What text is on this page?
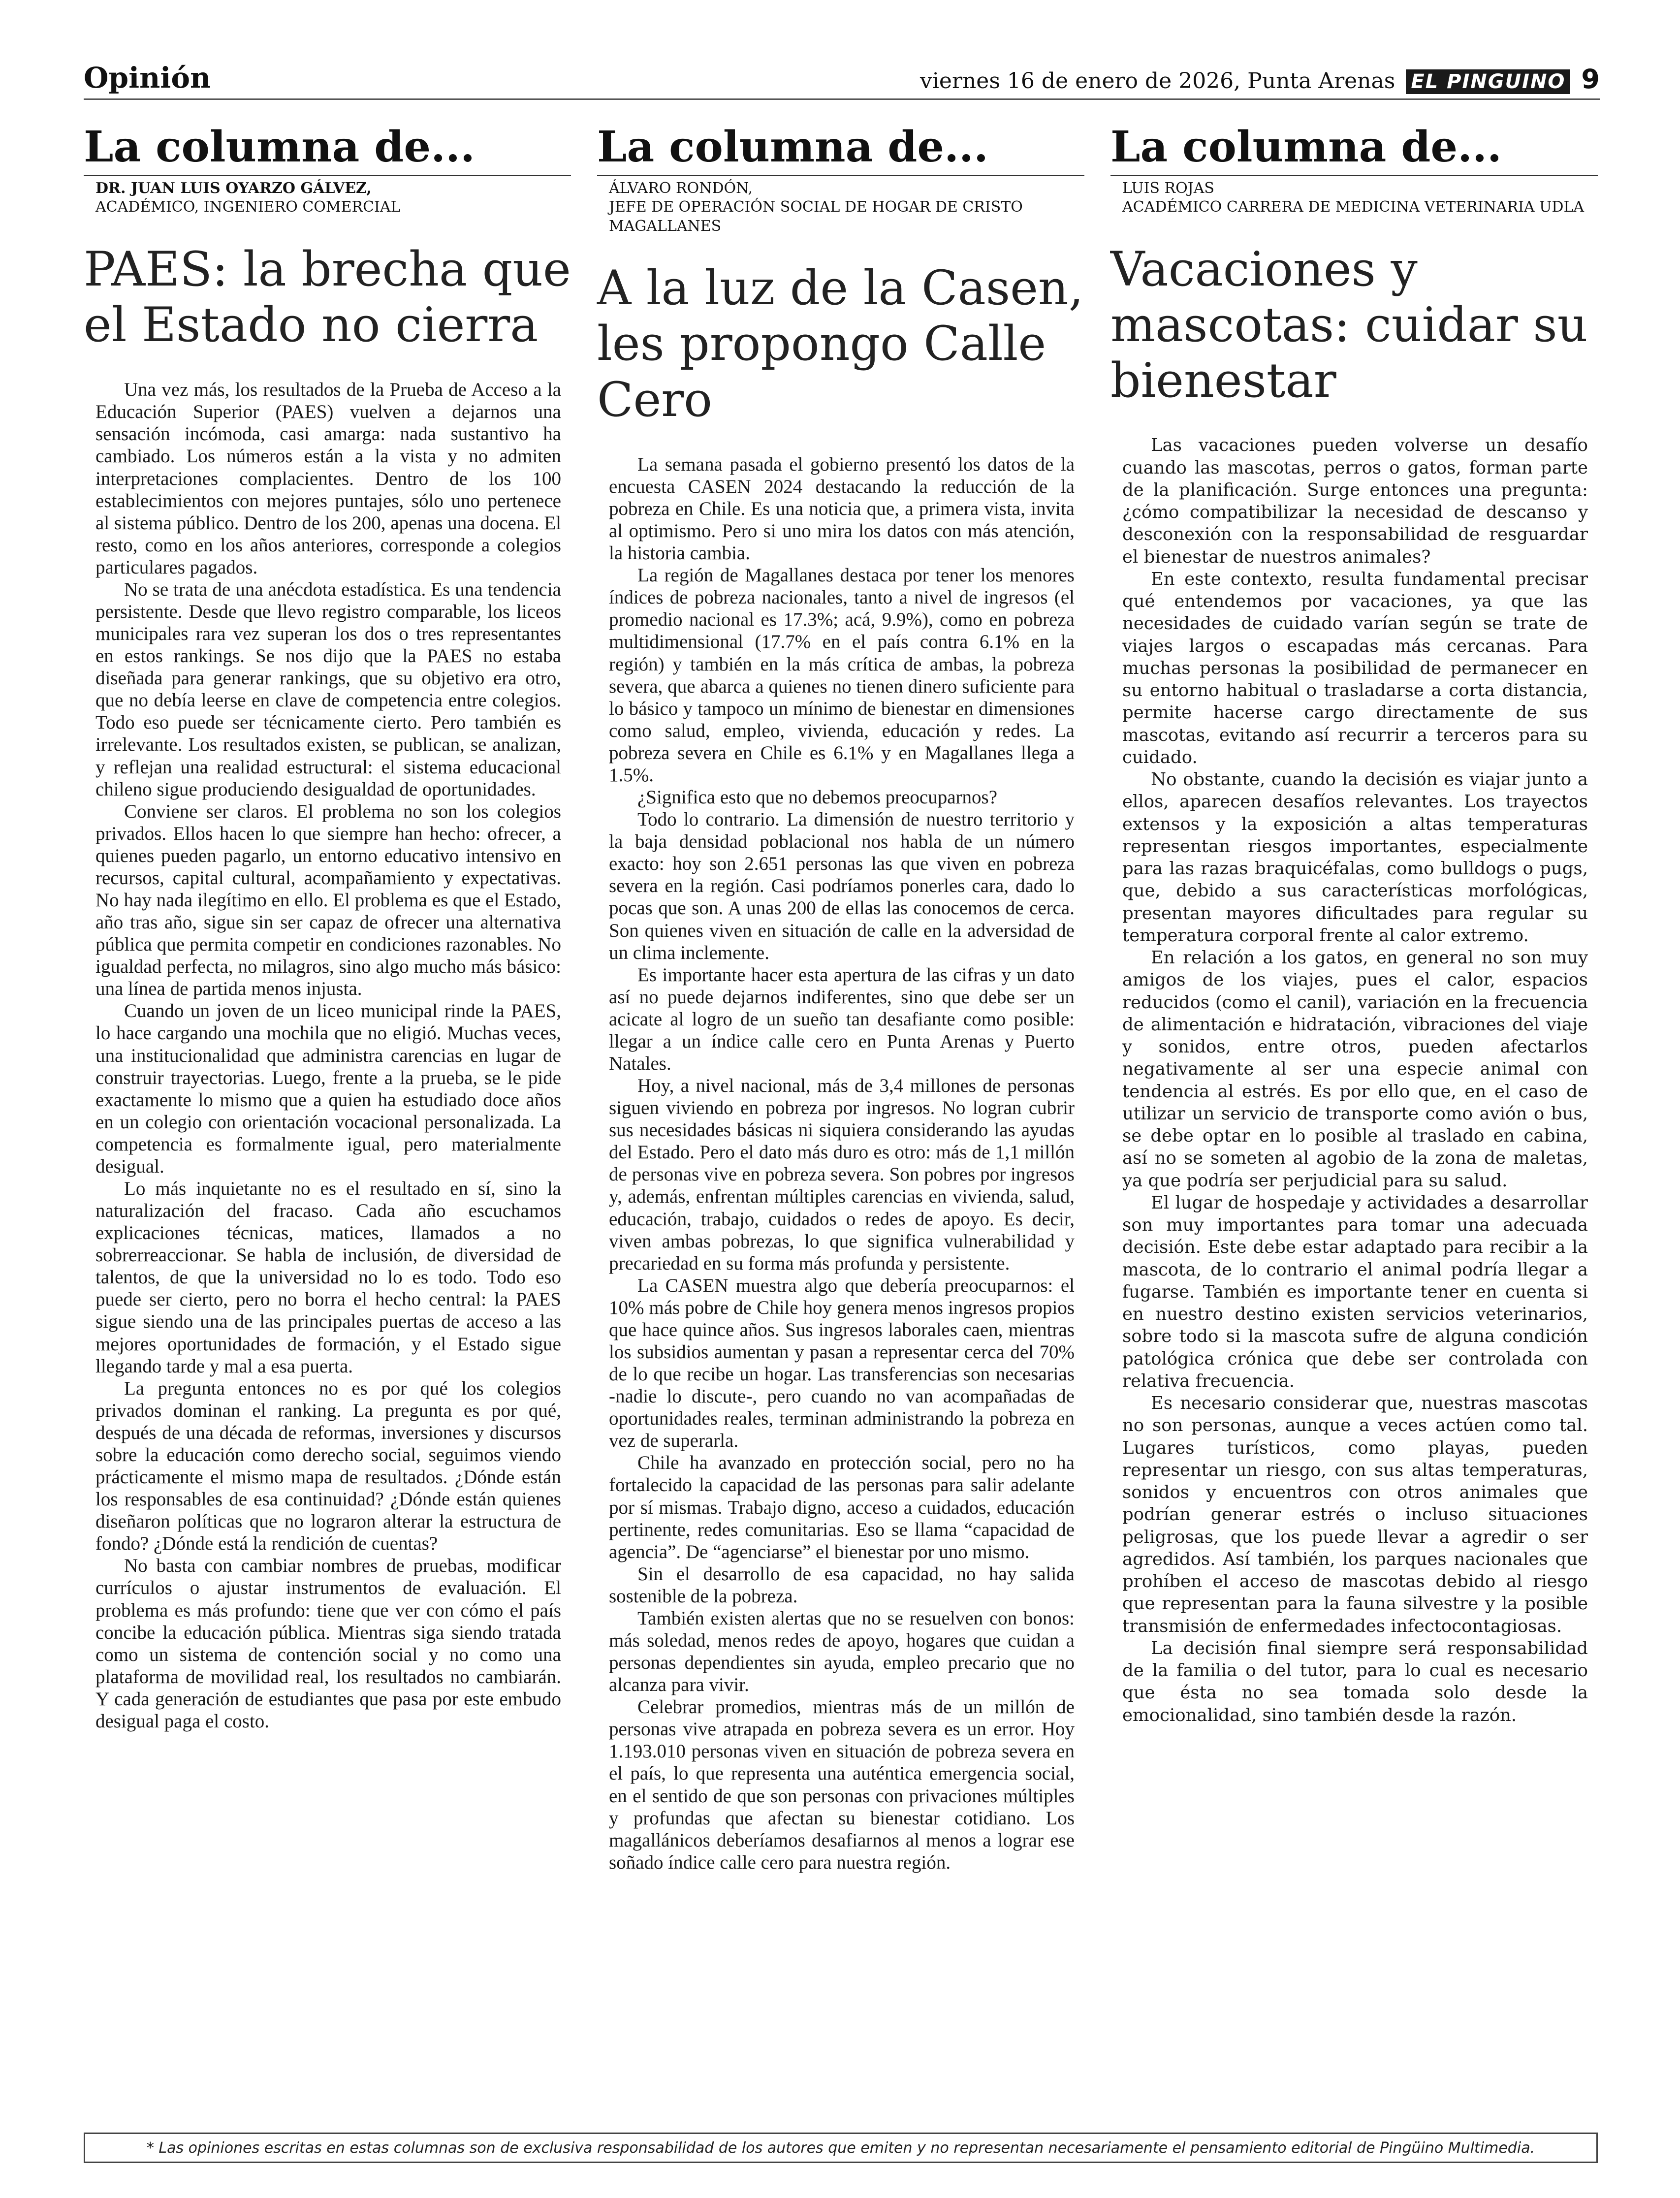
Opinión	viernes 16 de enero de 2026, Punta Arenas EL PINGUINO 9
La columna de...
DR. JUAN LUIS OYARZO GÁLVEZ,
ACADÉMICO, INGENIERO COMERCIAL
PAES: la brecha que el Estado no cierra

Una vez más, los resultados de la Prueba de Acceso a la Educación Superior (PAES) vuelven a dejarnos una sensación incómoda, casi amarga: nada sustantivo ha cambiado. Los números están a la vista y no admiten interpretaciones complacientes. Dentro de los 100 establecimientos con mejores puntajes, sólo uno pertenece al sistema público. Dentro de los 200, apenas una docena. El resto, como en los años anteriores, corresponde a colegios particulares pagados.

No se trata de una anécdota estadística. Es una tendencia persistente. Desde que llevo registro comparable, los liceos municipales rara vez superan los dos o tres representantes en estos rankings. Se nos dijo que la PAES no estaba diseñada para generar rankings, que su objetivo era otro, que no debía leerse en clave de competencia entre colegios. Todo eso puede ser técnicamente cierto. Pero también es irrelevante. Los resultados existen, se publican, se analizan, y reflejan una realidad estructural: el sistema educacional chileno sigue produciendo desigualdad de oportunidades.

Conviene ser claros. El problema no son los colegios privados. Ellos hacen lo que siempre han hecho: ofrecer, a quienes pueden pagarlo, un entorno educativo intensivo en recursos, capital cultural, acompañamiento y expectativas. No hay nada ilegítimo en ello. El problema es que el Estado, año tras año, sigue sin ser capaz de ofrecer una alternativa pública que permita competir en condiciones razonables. No igualdad perfecta, no milagros, sino algo mucho más básico: una línea de partida menos injusta.

Cuando un joven de un liceo municipal rinde la PAES, lo hace cargando una mochila que no eligió. Muchas veces, una institucionalidad que administra carencias en lugar de construir trayectorias. Luego, frente a la prueba, se le pide exactamente lo mismo que a quien ha estudiado doce años en un colegio con orientación vocacional personalizada. La competencia es formalmente igual, pero materialmente desigual.

Lo más inquietante no es el resultado en sí, sino la naturalización del fracaso. Cada año escuchamos explicaciones técnicas, matices, llamados a no sobrerreaccionar. Se habla de inclusión, de diversidad de talentos, de que la universidad no lo es todo. Todo eso puede ser cierto, pero no borra el hecho central: la PAES sigue siendo una de las principales puertas de acceso a las mejores oportunidades de formación, y el Estado sigue llegando tarde y mal a esa puerta.

La pregunta entonces no es por qué los colegios privados dominan el ranking. La pregunta es por qué, después de una década de reformas, inversiones y discursos sobre la educación como derecho social, seguimos viendo prácticamente el mismo mapa de resultados. ¿Dónde están los responsables de esa continuidad? ¿Dónde están quienes diseñaron políticas que no lograron alterar la estructura de fondo? ¿Dónde está la rendición de cuentas?

No basta con cambiar nombres de pruebas, modificar currículos o ajustar instrumentos de evaluación. El problema es más profundo: tiene que ver con cómo el país concibe la educación pública. Mientras siga siendo tratada como un sistema de contención social y no como una plataforma de movilidad real, los resultados no cambiarán. Y cada generación de estudiantes que pasa por este embudo desigual paga el costo.

La columna de...
ÁLVARO RONDÓN,
JEFE DE OPERACIÓN SOCIAL DE HOGAR DE CRISTO MAGALLANES
A la luz de la Casen, les propongo Calle Cero

La semana pasada el gobierno presentó los datos de la encuesta CASEN 2024 destacando la reducción de la pobreza en Chile. Es una noticia que, a primera vista, invita al optimismo. Pero si uno mira los datos con más atención, la historia cambia.

La región de Magallanes destaca por tener los menores índices de pobreza nacionales, tanto a nivel de ingresos (el promedio nacional es 17.3%; acá, 9.9%), como en pobreza multidimensional (17.7% en el país contra 6.1% en la región) y también en la más crítica de ambas, la pobreza severa, que abarca a quienes no tienen dinero suficiente para lo básico y tampoco un mínimo de bienestar en dimensiones como salud, empleo, vivienda, educación y redes. La pobreza severa en Chile es 6.1% y en Magallanes llega a 1.5%.

¿Significa esto que no debemos preocuparnos?

Todo lo contrario. La dimensión de nuestro territorio y la baja densidad poblacional nos habla de un número exacto: hoy son 2.651 personas las que viven en pobreza severa en la región. Casi podríamos ponerles cara, dado lo pocas que son. A unas 200 de ellas las conocemos de cerca. Son quienes viven en situación de calle en la adversidad de un clima inclemente.

Es importante hacer esta apertura de las cifras y un dato así no puede dejarnos indiferentes, sino que debe ser un acicate al logro de un sueño tan desafiante como posible: llegar a un índice calle cero en Punta Arenas y Puerto Natales.

Hoy, a nivel nacional, más de 3,4 millones de personas siguen viviendo en pobreza por ingresos. No logran cubrir sus necesidades básicas ni siquiera considerando las ayudas del Estado. Pero el dato más duro es otro: más de 1,1 millón de personas vive en pobreza severa. Son pobres por ingresos y, además, enfrentan múltiples carencias en vivienda, salud, educación, trabajo, cuidados o redes de apoyo. Es decir, viven ambas pobrezas, lo que significa vulnerabilidad y precariedad en su forma más profunda y persistente.

La CASEN muestra algo que debería preocuparnos: el 10% más pobre de Chile hoy genera menos ingresos propios que hace quince años. Sus ingresos laborales caen, mientras los subsidios aumentan y pasan a representar cerca del 70% de lo que recibe un hogar. Las transferencias son necesarias -nadie lo discute-, pero cuando no van acompañadas de oportunidades reales, terminan administrando la pobreza en vez de superarla.

Chile ha avanzado en protección social, pero no ha fortalecido la capacidad de las personas para salir adelante por sí mismas. Trabajo digno, acceso a cuidados, educación pertinente, redes comunitarias. Eso se llama “capacidad de agencia”. De “agenciarse” el bienestar por uno mismo.

Sin el desarrollo de esa capacidad, no hay salida sostenible de la pobreza.

También existen alertas que no se resuelven con bonos: más soledad, menos redes de apoyo, hogares que cuidan a personas dependientes sin ayuda, empleo precario que no alcanza para vivir.

Celebrar promedios, mientras más de un millón de personas vive atrapada en pobreza severa es un error. Hoy 1.193.010 personas viven en situación de pobreza severa en el país, lo que representa una auténtica emergencia social, en el sentido de que son personas con privaciones múltiples y profundas que afectan su bienestar cotidiano. Los magallánicos deberíamos desafiarnos al menos a lograr ese soñado índice calle cero para nuestra región.

La columna de...
LUIS ROJAS
ACADÉMICO CARRERA DE MEDICINA VETERINARIA UDLA
Vacaciones y mascotas: cuidar su bienestar

Las vacaciones pueden volverse un desafío cuando las mascotas, perros o gatos, forman parte de la planificación. Surge entonces una pregunta: ¿cómo compatibilizar la necesidad de descanso y desconexión con la responsabilidad de resguardar el bienestar de nuestros animales?

En este contexto, resulta fundamental precisar qué entendemos por vacaciones, ya que las necesidades de cuidado varían según se trate de viajes largos o escapadas más cercanas. Para muchas personas la posibilidad de permanecer en su entorno habitual o trasladarse a corta distancia, permite hacerse cargo directamente de sus mascotas, evitando así recurrir a terceros para su cuidado.

No obstante, cuando la decisión es viajar junto a ellos, aparecen desafíos relevantes. Los trayectos extensos y la exposición a altas temperaturas representan riesgos importantes, especialmente para las razas braquicéfalas, como bulldogs o pugs, que, debido a sus características morfológicas, presentan mayores dificultades para regular su temperatura corporal frente al calor extremo.

En relación a los gatos, en general no son muy amigos de los viajes, pues el calor, espacios reducidos (como el canil), variación en la frecuencia de alimentación e hidratación, vibraciones del viaje y sonidos, entre otros, pueden afectarlos negativamente al ser una especie animal con tendencia al estrés. Es por ello que, en el caso de utilizar un servicio de transporte como avión o bus, se debe optar en lo posible al traslado en cabina, así no se someten al agobio de la zona de maletas, ya que podría ser perjudicial para su salud.

El lugar de hospedaje y actividades a desarrollar son muy importantes para tomar una adecuada decisión. Este debe estar adaptado para recibir a la mascota, de lo contrario el animal podría llegar a fugarse. También es importante tener en cuenta si en nuestro destino existen servicios veterinarios, sobre todo si la mascota sufre de alguna condición patológica crónica que debe ser controlada con relativa frecuencia.

Es necesario considerar que, nuestras mascotas no son personas, aunque a veces actúen como tal. Lugares turísticos, como playas, pueden representar un riesgo, con sus altas temperaturas, sonidos y encuentros con otros animales que podrían generar estrés o incluso situaciones peligrosas, que los puede llevar a agredir o ser agredidos. Así también, los parques nacionales que prohíben el acceso de mascotas debido al riesgo que representan para la fauna silvestre y la posible transmisión de enfermedades infectocontagiosas.

La decisión final siempre será responsabilidad de la familia o del tutor, para lo cual es necesario que ésta no sea tomada solo desde la emocionalidad, sino también desde la razón.

* Las opiniones escritas en estas columnas son de exclusiva responsabilidad de los autores que emiten y no representan necesariamente el pensamiento editorial de Pingüino Multimedia.
